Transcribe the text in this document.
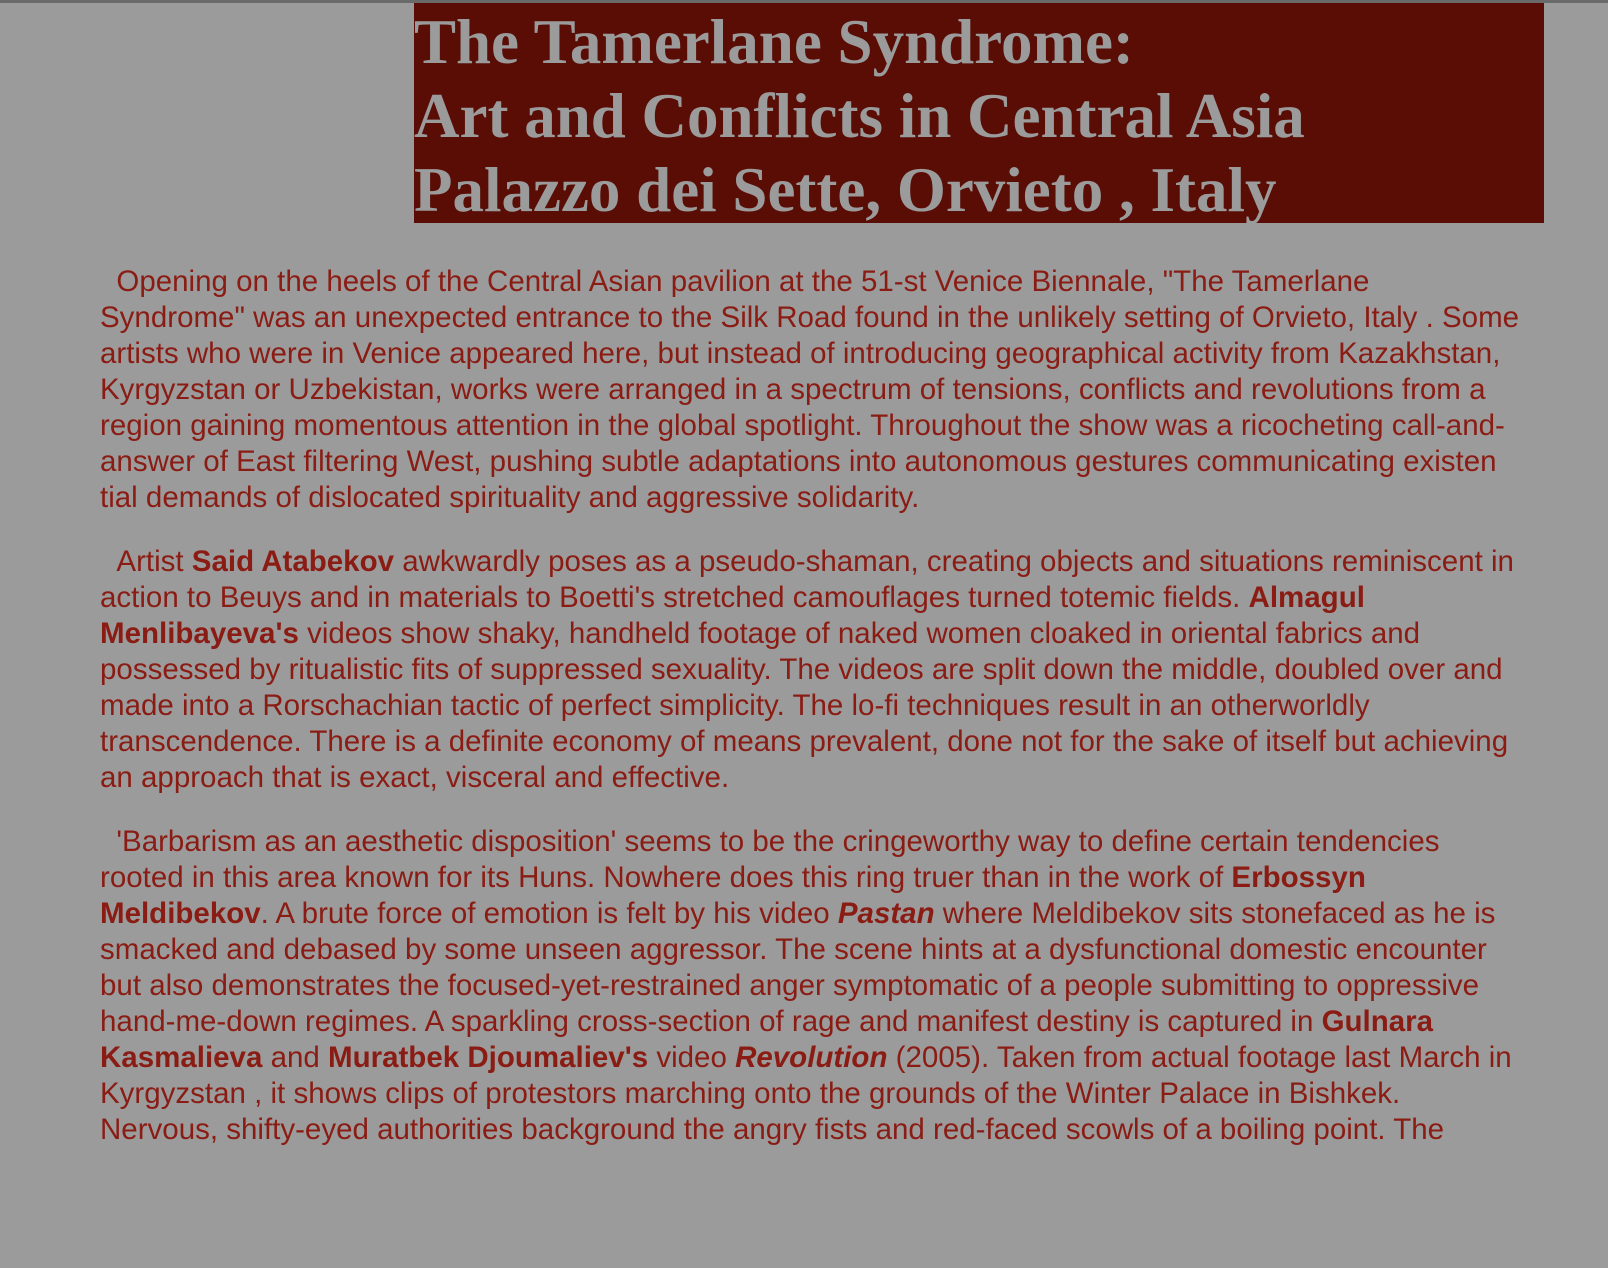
The Tamerlane Syndrome:
Art and Conflicts in Central Asia
Palazzo dei Sette, Orvieto , Italy

Opening on the heels of the Central Asian pavilion at the 51-st Venice Biennale, "The Tamerlane Syndrome" was an unexpected entrance to the Silk Road found in the unlikely setting of Orvieto, Italy . Some artists who were in Venice appeared here, but instead of introducing geographical activity from Kazakhstan, Kyrgyzstan or Uzbekistan, works were arranged in a spectrum of tensions, conflicts and revolutions from a region gaining momentous attention in the global spotlight. Throughout the show was a ricocheting call-and-answer of East filtering West, pushing subtle adaptations into autonomous gestures communicating existen tial demands of dislocated spirituality and aggressive solidarity.

Artist Said Atabekov awkwardly poses as a pseudo-shaman, creating objects and situations reminiscent in action to Beuys and in materials to Boetti's stretched camouflages turned totemic fields. Almagul Menlibayeva's videos show shaky, handheld footage of naked women cloaked in oriental fabrics and possessed by ritualistic fits of suppressed sexuality. The videos are split down the middle, doubled over and made into a Rorschachian tactic of perfect simplicity. The lo-fi techniques result in an otherworldly transcendence. There is a definite economy of means prevalent, done not for the sake of itself but achieving an approach that is exact, visceral and effective.

'Barbarism as an aesthetic disposition' seems to be the cringeworthy way to define certain tendencies rooted in this area known for its Huns. Nowhere does this ring truer than in the work of Erbossyn Meldibekov. A brute force of emotion is felt by his video Pastan where Meldibekov sits stonefaced as he is smacked and debased by some unseen aggressor. The scene hints at a dysfunctional domestic encounter but also demonstrates the focused-yet-restrained anger symptomatic of a people submitting to oppressive hand-me-down regimes. A sparkling cross-section of rage and manifest destiny is captured in Gulnara Kasmalieva and Muratbek Djoumaliev's video Revolution (2005). Taken from actual footage last March in Kyrgyzstan , it shows clips of protestors marching onto the grounds of the Winter Palace in Bishkek. Nervous, shifty-eyed authorities background the angry fists and red-faced scowls of a boiling point. The
